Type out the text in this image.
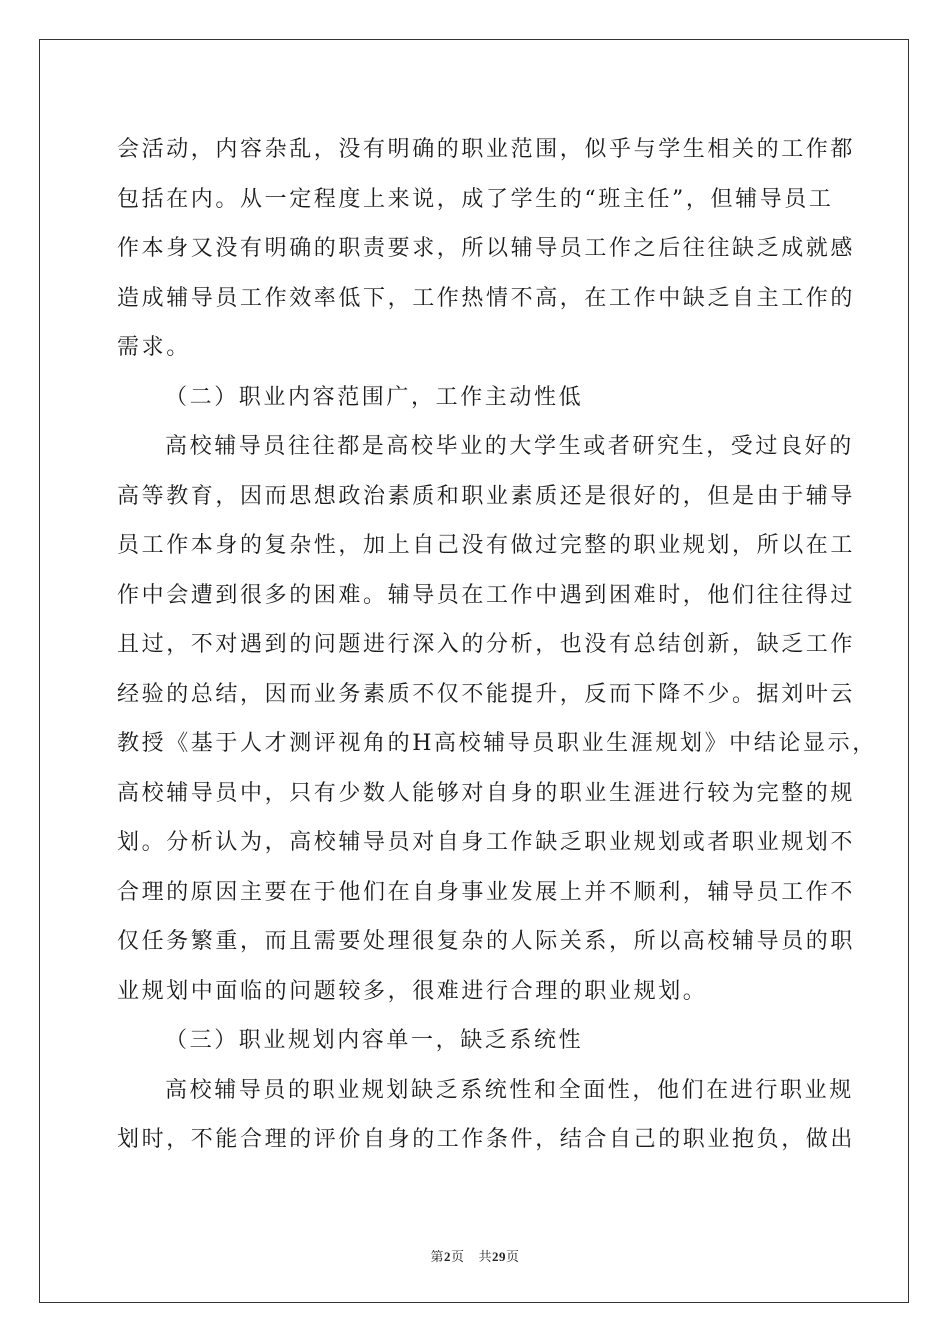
会活动，内容杂乱，没有明确的职业范围，似乎与学生相关的工作都
包括在内。从一定程度上来说，成了学生的“班主任”，但辅导员工
作本身又没有明确的职责要求，所以辅导员工作之后往往缺乏成就感
造成辅导员工作效率低下，工作热情不高，在工作中缺乏自主工作的
需求。
（二）职业内容范围广，工作主动性低
高校辅导员往往都是高校毕业的大学生或者研究生，受过良好的
高等教育，因而思想政治素质和职业素质还是很好的，但是由于辅导
员工作本身的复杂性，加上自己没有做过完整的职业规划，所以在工
作中会遭到很多的困难。辅导员在工作中遇到困难时，他们往往得过
且过，不对遇到的问题进行深入的分析，也没有总结创新，缺乏工作
经验的总结，因而业务素质不仅不能提升，反而下降不少。据刘叶云
教授《基于人才测评视角的H高校辅导员职业生涯规划》中结论显示，
高校辅导员中，只有少数人能够对自身的职业生涯进行较为完整的规
划。分析认为，高校辅导员对自身工作缺乏职业规划或者职业规划不
合理的原因主要在于他们在自身事业发展上并不顺利，辅导员工作不
仅任务繁重，而且需要处理很复杂的人际关系，所以高校辅导员的职
业规划中面临的问题较多，很难进行合理的职业规划。
（三）职业规划内容单一，缺乏系统性
高校辅导员的职业规划缺乏系统性和全面性，他们在进行职业规
划时，不能合理的评价自身的工作条件，结合自己的职业抱负，做出
第2页 共29页
